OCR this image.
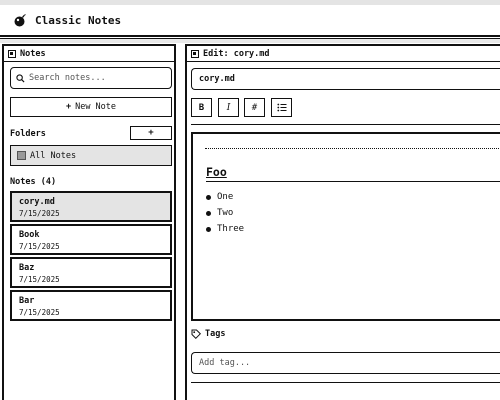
Classic Notes
Notes
Search notes...
+ New Note
Folders	+
All Notes
Notes (4)
cory.md
7/15/2025
Book
7/15/2025
Baz
7/15/2025
Bar
7/15/2025
Edit: cory.md
cory.md
B	I	#
Foo
One
Two
Three
Tags
Add tag...
